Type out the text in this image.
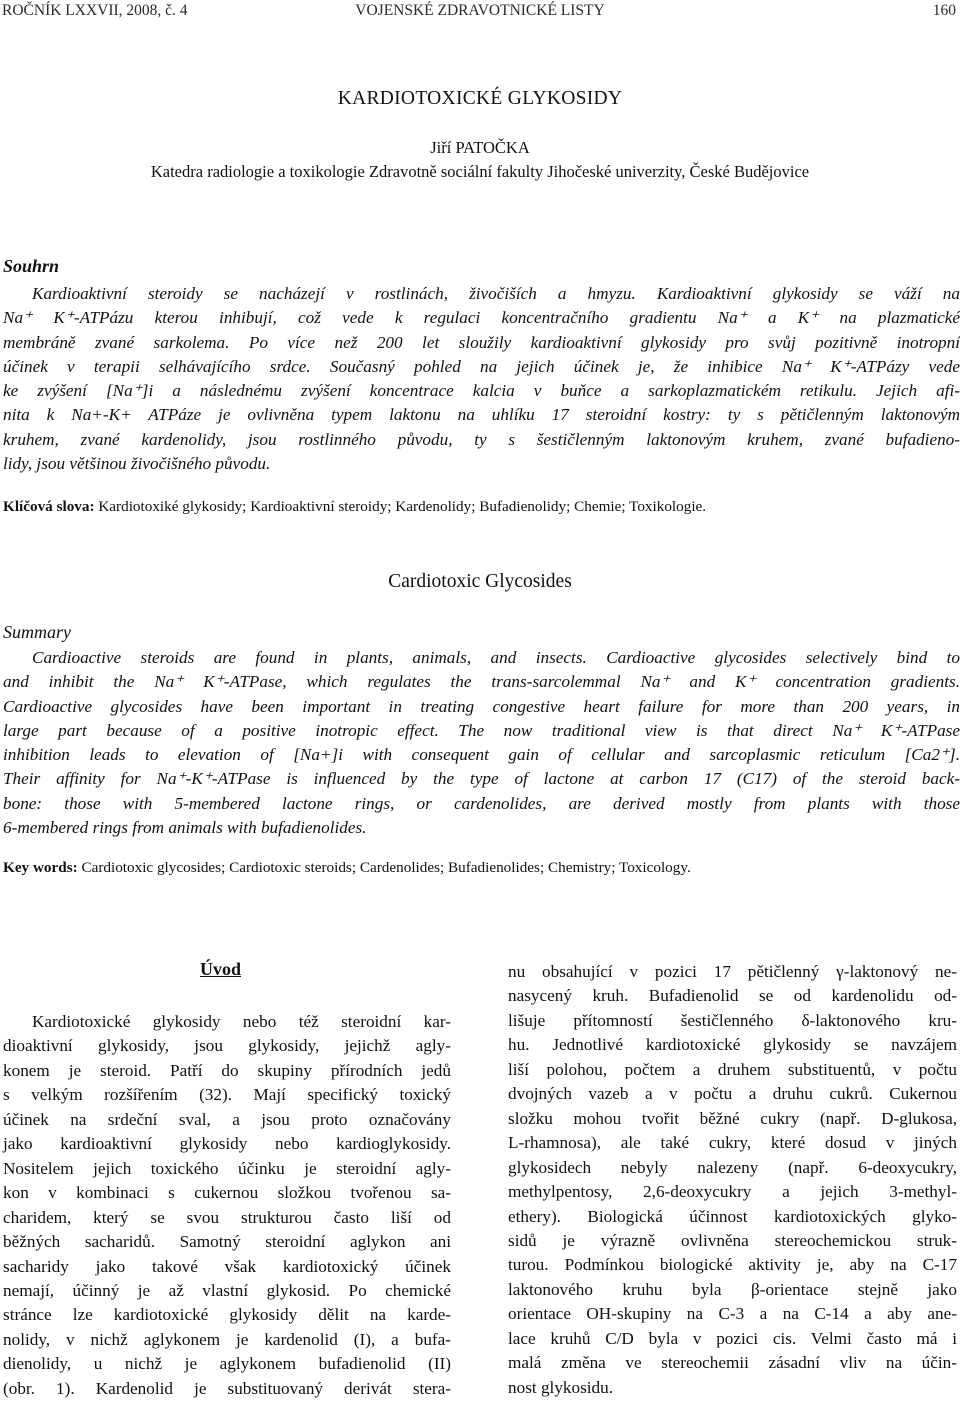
ROČNÍK LXXVII, 2008, č. 4	VOJENSKÉ ZDRAVOTNICKÉ LISTY	160
KARDIOTOXICKÉ GLYKOSIDY
Jiří PATOČKA
Katedra radiologie a toxikologie Zdravotně sociální fakulty Jihočeské univerzity, České Budějovice
Souhrn
Kardioaktivní steroidy se nacházejí v rostlinách, živočiších a hmyzu. Kardioaktivní glykosidy se váží na
Na⁺ K⁺-ATPázu kterou inhibují, což vede k regulaci koncentračního gradientu Na⁺ a K⁺ na plazmatické
membráně zvané sarkolema. Po více než 200 let sloužily kardioaktivní glykosidy pro svůj pozitivně inotropní
účinek v terapii selhávajícího srdce. Současný pohled na jejich účinek je, že inhibice Na⁺ K⁺-ATPázy vede
ke zvýšení [Na⁺]i a následnému zvýšení koncentrace kalcia v buňce a sarkoplazmatickém retikulu. Jejich afi-
nita k Na+-K+ ATPáze je ovlivněna typem laktonu na uhlíku 17 steroidní kostry: ty s pětičlenným laktonovým
kruhem, zvané kardenolidy, jsou rostlinného původu, ty s šestičlenným laktonovým kruhem, zvané bufadieno-
lidy, jsou většinou živočišného původu.
Klíčová slova: Kardiotoxiké glykosidy; Kardioaktivní steroidy; Kardenolidy; Bufadienolidy; Chemie; Toxikologie.
Cardiotoxic Glycosides
Summary
Cardioactive steroids are found in plants, animals, and insects. Cardioactive glycosides selectively bind to
and inhibit the Na⁺ K⁺-ATPase, which regulates the trans-sarcolemmal Na⁺ and K⁺ concentration gradients.
Cardioactive glycosides have been important in treating congestive heart failure for more than 200 years, in
large part because of a positive inotropic effect. The now traditional view is that direct Na⁺ K⁺-ATPase
inhibition leads to elevation of [Na+]i with consequent gain of cellular and sarcoplasmic reticulum [Ca2⁺].
Their affinity for Na⁺-K⁺-ATPase is influenced by the type of lactone at carbon 17 (C17) of the steroid back-
bone: those with 5-membered lactone rings, or cardenolides, are derived mostly from plants with those
6-membered rings from animals with bufadienolides.
Key words: Cardiotoxic glycosides; Cardiotoxic steroids; Cardenolides; Bufadienolides; Chemistry; Toxicology.
Úvod
Kardiotoxické glykosidy nebo též steroidní kar-
dioaktivní glykosidy, jsou glykosidy, jejichž agly-
konem je steroid. Patří do skupiny přírodních jedů
s velkým rozšířením (32). Mají specifický toxický
účinek na srdeční sval, a jsou proto označovány
jako kardioaktivní glykosidy nebo kardioglykosidy.
Nositelem jejich toxického účinku je steroidní agly-
kon v kombinaci s cukernou složkou tvořenou sa-
charidem, který se svou strukturou často liší od
běžných sacharidů. Samotný steroidní aglykon ani
sacharidy jako takové však kardiotoxický účinek
nemají, účinný je až vlastní glykosid. Po chemické
stránce lze kardiotoxické glykosidy dělit na karde-
nolidy, v nichž aglykonem je kardenolid (I), a bufa-
dienolidy, u nichž je aglykonem bufadienolid (II)
(obr. 1). Kardenolid je substituovaný derivát stera-
nu obsahující v pozici 17 pětičlenný γ-laktonový ne-
nasycený kruh. Bufadienolid se od kardenolidu od-
lišuje přítomností šestičlenného δ-laktonového kru-
hu. Jednotlivé kardiotoxické glykosidy se navzájem
liší polohou, počtem a druhem substituentů, v počtu
dvojných vazeb a v počtu a druhu cukrů. Cukernou
složku mohou tvořit běžné cukry (např. D-glukosa,
L-rhamnosa), ale také cukry, které dosud v jiných
glykosidech nebyly nalezeny (např. 6-deoxycukry,
methylpentosy, 2,6-deoxycukry a jejich 3-methyl-
ethery). Biologická účinnost kardiotoxických glyko-
sidů je výrazně ovlivněna stereochemickou struk-
turou. Podmínkou biologické aktivity je, aby na C-17
laktonového kruhu byla β-orientace stejně jako
orientace OH-skupiny na C-3 a na C-14 a aby ane-
lace kruhů C/D byla v pozici cis. Velmi často má i
malá změna ve stereochemii zásadní vliv na účin-
nost glykosidu.
